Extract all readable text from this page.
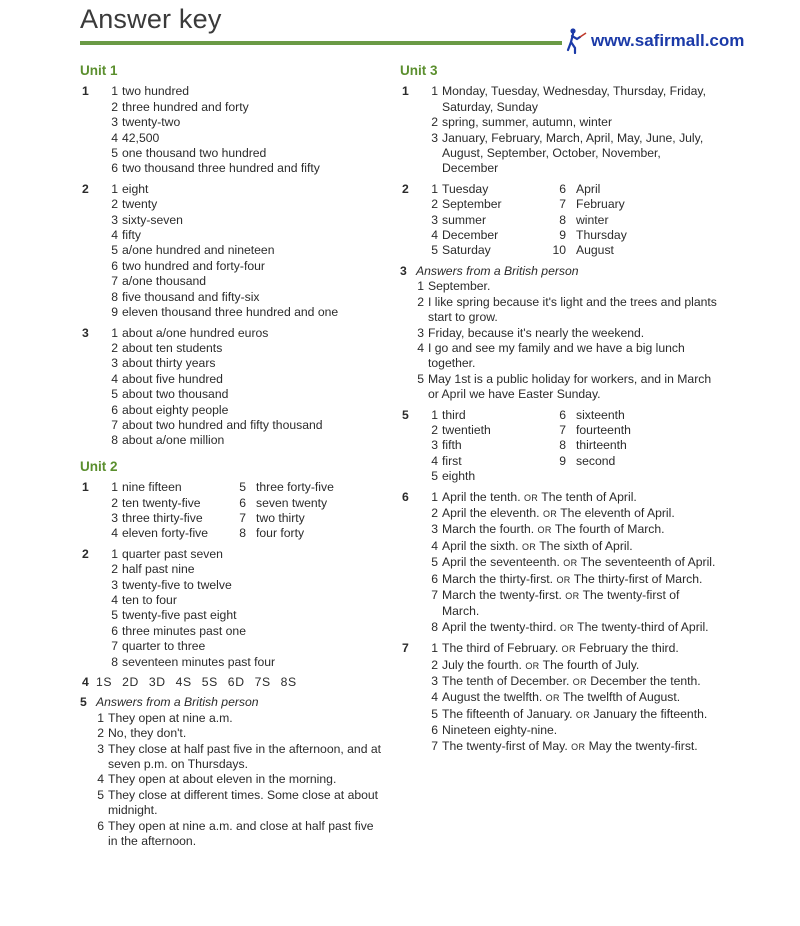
Answer key
www.safirmall.com
Unit 1
1	1 two hundred
2 three hundred and forty
3 twenty-two
4 42,500
5 one thousand two hundred
6 two thousand three hundred and fifty
2	1 eight
2 twenty
3 sixty-seven
4 fifty
5 a/one hundred and nineteen
6 two hundred and forty-four
7 a/one thousand
8 five thousand and fifty-six
9 eleven thousand three hundred and one
3	1 about a/one hundred euros
2 about ten students
3 about thirty years
4 about five hundred
5 about two thousand
6 about eighty people
7 about two hundred and fifty thousand
8 about a/one million
Unit 2
1	1 nine fifteen	5 three forty-five
2 ten twenty-five	6 seven twenty
3 three thirty-five	7 two thirty
4 eleven forty-five	8 four forty
2	1 quarter past seven
2 half past nine
3 twenty-five to twelve
4 ten to four
5 twenty-five past eight
6 three minutes past one
7 quarter to three
8 seventeen minutes past four
4 1S 2D 3D 4S 5S 6D 7S 8S
5 Answers from a British person
1 They open at nine a.m.
2 No, they don't.
3 They close at half past five in the afternoon, and at seven p.m. on Thursdays.
4 They open at about eleven in the morning.
5 They close at different times. Some close at about midnight.
6 They open at nine a.m. and close at half past five in the afternoon.
Unit 3
1	1 Monday, Tuesday, Wednesday, Thursday, Friday, Saturday, Sunday
2 spring, summer, autumn, winter
3 January, February, March, April, May, June, July, August, September, October, November, December
2	1 Tuesday	6 April
2 September	7 February
3 summer	8 winter
4 December	9 Thursday
5 Saturday	10 August
3 Answers from a British person
1 September.
2 I like spring because it's light and the trees and plants start to grow.
3 Friday, because it's nearly the weekend.
4 I go and see my family and we have a big lunch together.
5 May 1st is a public holiday for workers, and in March or April we have Easter Sunday.
5	1 third	6 sixteenth
2 twentieth	7 fourteenth
3 fifth	8 thirteenth
4 first	9 second
5 eighth
6	1 April the tenth. OR The tenth of April.
2 April the eleventh. OR The eleventh of April.
3 March the fourth. OR The fourth of March.
4 April the sixth. OR The sixth of April.
5 April the seventeenth. OR The seventeenth of April.
6 March the thirty-first. OR The thirty-first of March.
7 March the twenty-first. OR The twenty-first of March.
8 April the twenty-third. OR The twenty-third of April.
7	1 The third of February. OR February the third.
2 July the fourth. OR The fourth of July.
3 The tenth of December. OR December the tenth.
4 August the twelfth. OR The twelfth of August.
5 The fifteenth of January. OR January the fifteenth.
6 Nineteen eighty-nine.
7 The twenty-first of May. OR May the twenty-first.
